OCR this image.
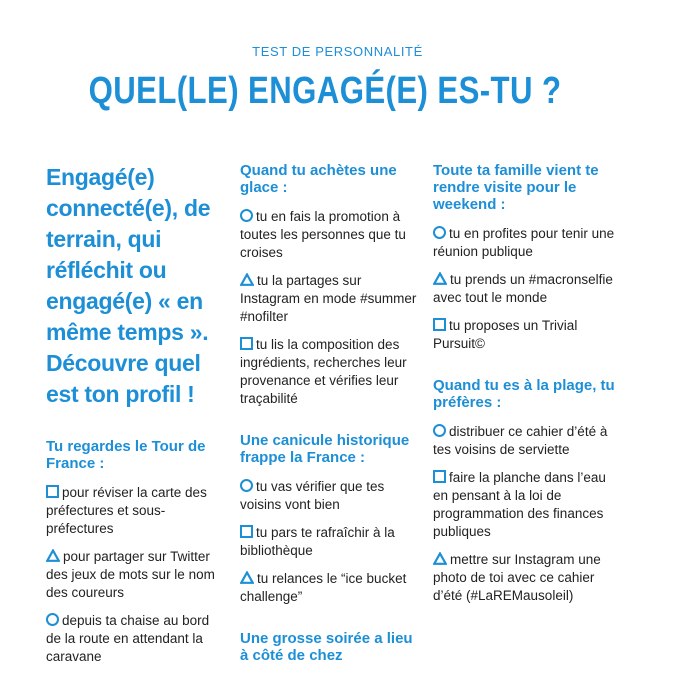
TEST DE PERSONNALITÉ
QUEL(LE) ENGAGÉ(E) ES-TU ?
Engagé(e) connecté(e), de terrain, qui réfléchit ou engagé(e) « en même temps ». Découvre quel est ton profil !
Tu regardes le Tour de France :
pour réviser la carte des préfectures et sous-préfectures
pour partager sur Twitter des jeux de mots sur le nom des coureurs
depuis ta chaise au bord de la route en attendant la caravane
Quand tu achètes une glace :
tu en fais la promotion à toutes les personnes que tu croises
tu la partages sur Instagram en mode #summer #nofilter
tu lis la composition des ingrédients, recherches leur provenance et vérifies leur traçabilité
Une canicule historique frappe la France :
tu vas vérifier que tes voisins vont bien
tu pars te rafraîchir à la bibliothèque
tu relances le “ice bucket challenge”
Une grosse soirée a lieu à côté de chez
Toute ta famille vient te rendre visite pour le weekend :
tu en profites pour tenir une réunion publique
tu prends un #macronselfie avec tout le monde
tu proposes un Trivial Pursuit©
Quand tu es à la plage, tu préfères :
distribuer ce cahier d’été à tes voisins de serviette
faire la planche dans l’eau en pensant à la loi de programmation des finances publiques
mettre sur Instagram une photo de toi avec ce cahier d’été (#LaREMausoleil)
